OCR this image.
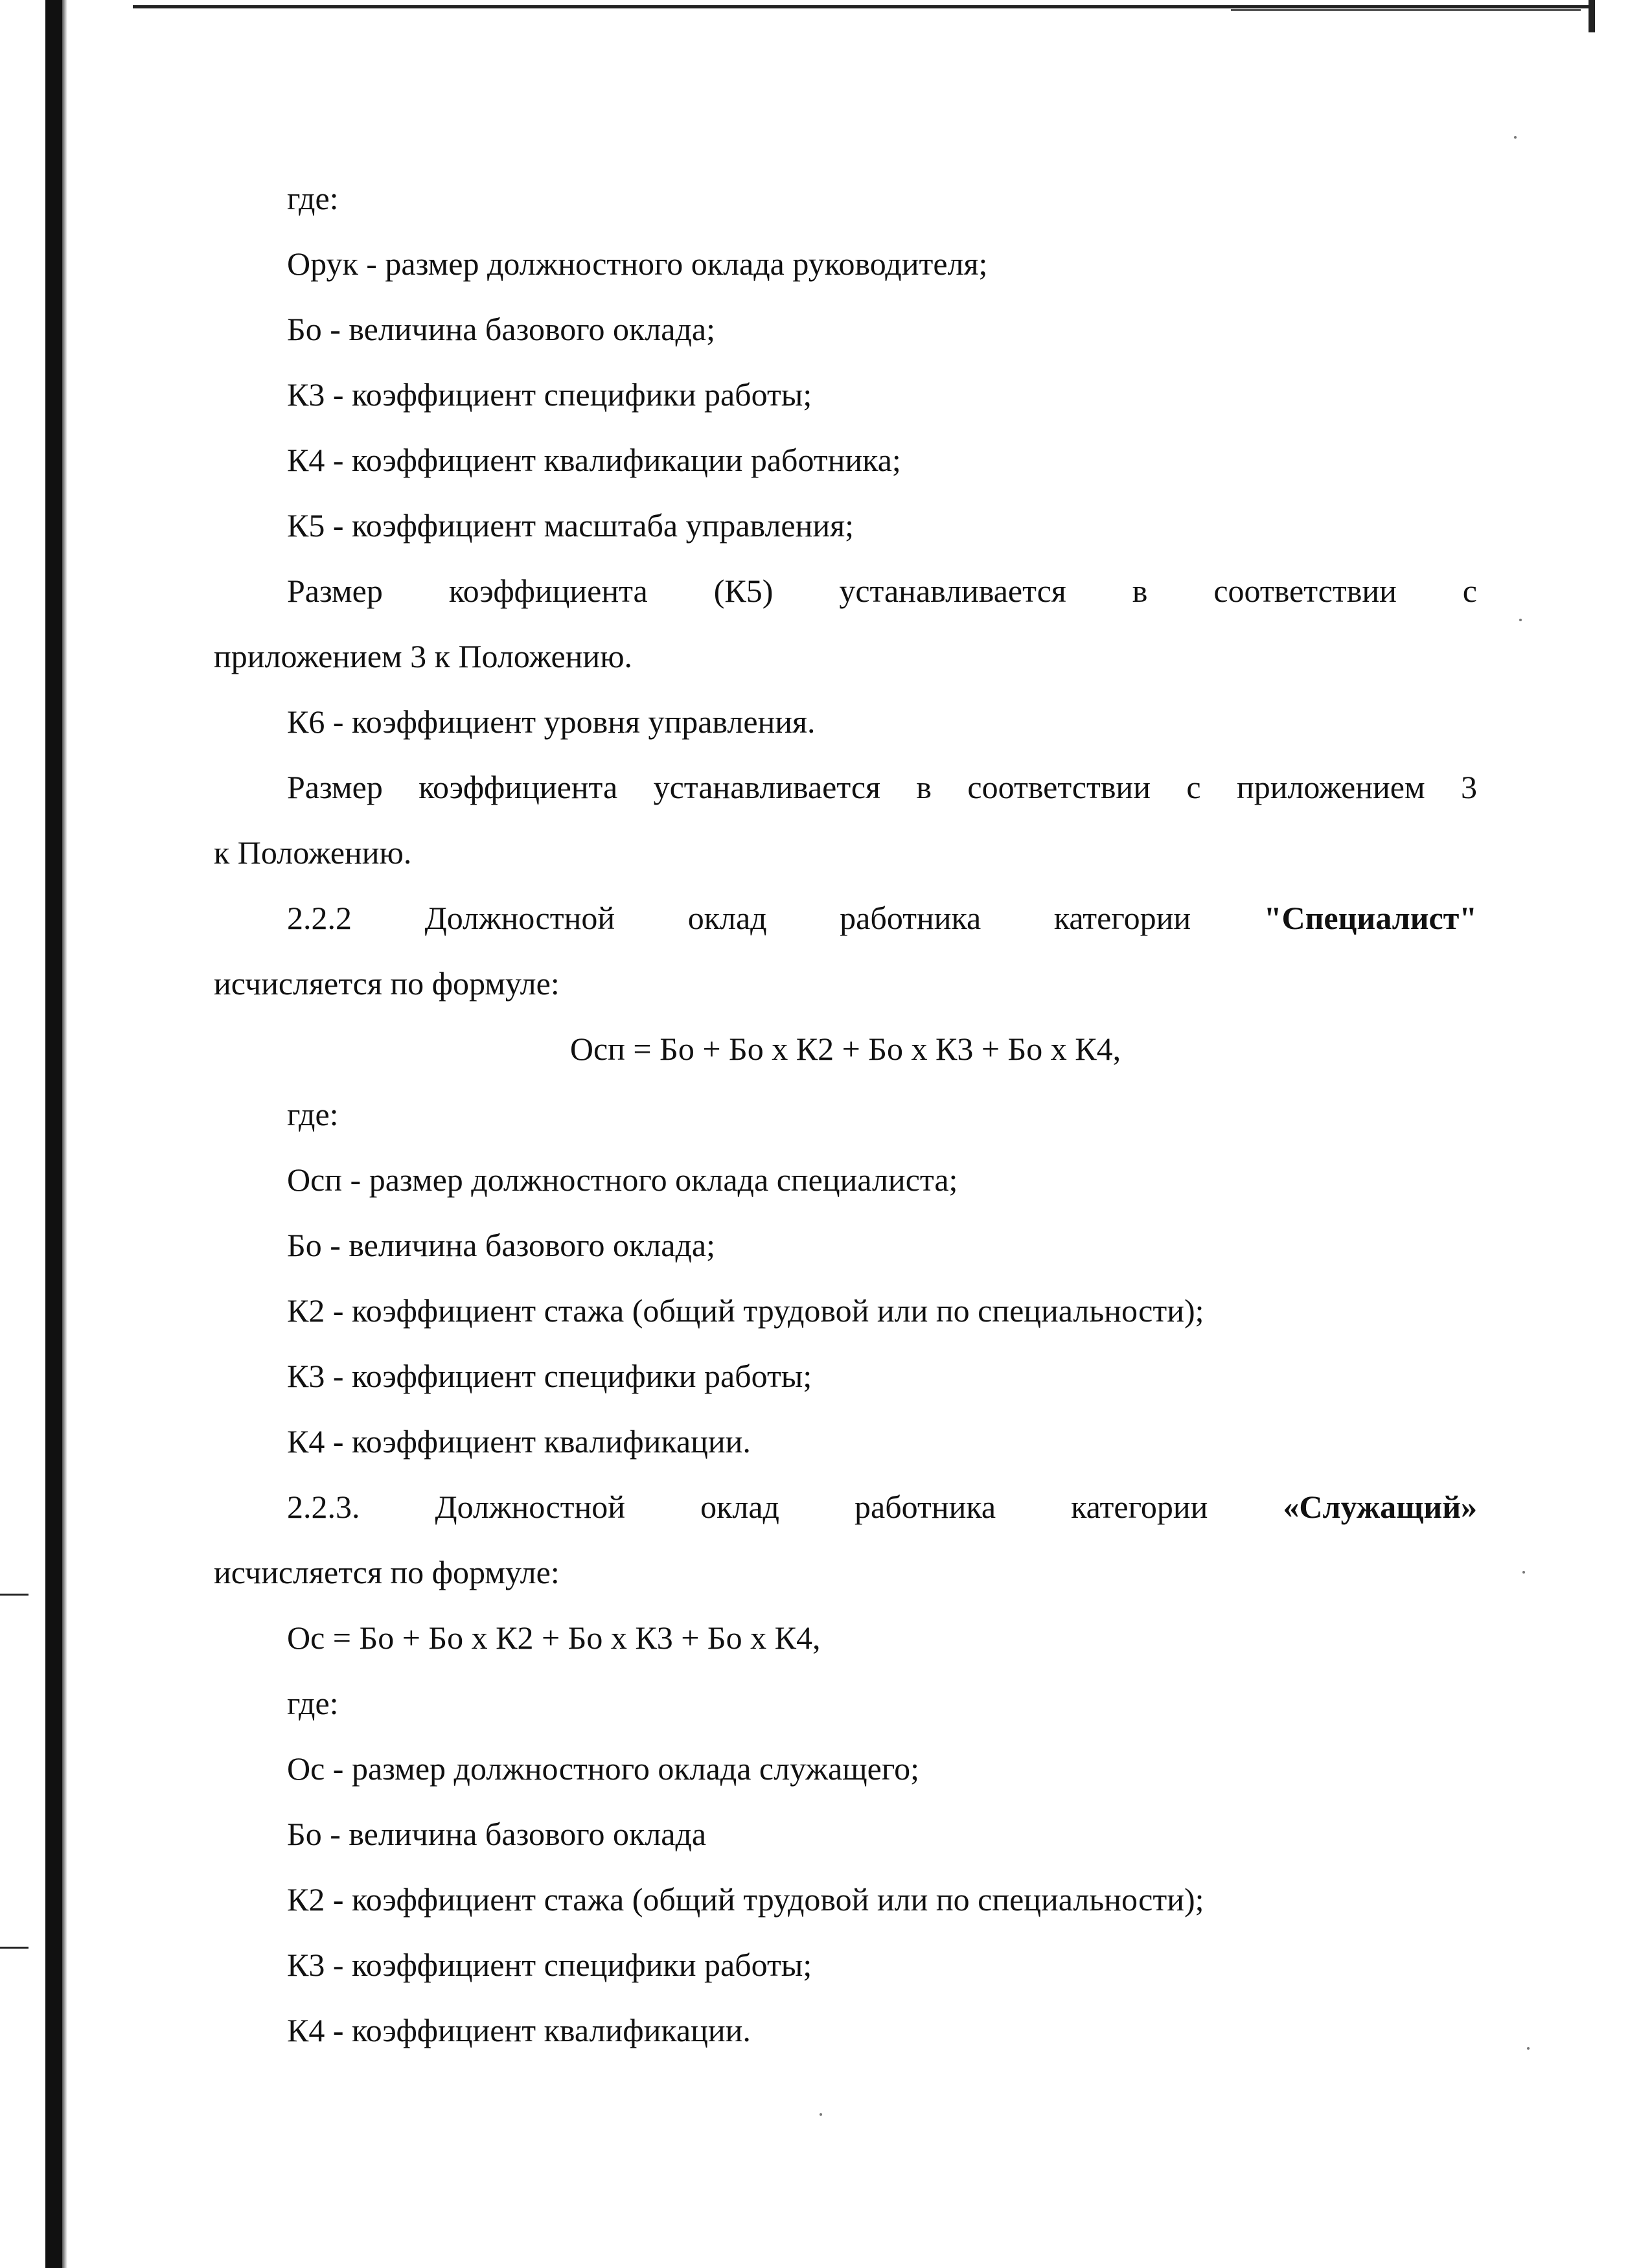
где:
Орук - размер должностного оклада руководителя;
Бо - величина базового оклада;
К3 - коэффициент специфики работы;
К4 - коэффициент квалификации работника;
К5 - коэффициент масштаба управления;
Размер коэффициента (К5) устанавливается в соответствии с
приложением 3 к Положению.
К6 - коэффициент уровня управления.
Размер коэффициента устанавливается в соответствии с приложением 3
к Положению.
2.2.2 Должностной оклад работника категории "Специалист"
исчисляется по формуле:
Осп = Бо + Бо х К2 + Бо х К3 + Бо х К4,
где:
Осп - размер должностного оклада специалиста;
Бо - величина базового оклада;
К2 - коэффициент стажа (общий трудовой или по специальности);
К3 - коэффициент специфики работы;
К4 - коэффициент квалификации.
2.2.3. Должностной оклад работника категории «Служащий»
исчисляется по формуле:
Ос = Бо + Бо х К2 + Бо х К3 + Бо х К4,
где:
Ос - размер должностного оклада служащего;
Бо - величина базового оклада
К2 - коэффициент стажа (общий трудовой или по специальности);
К3 - коэффициент специфики работы;
К4 - коэффициент квалификации.
